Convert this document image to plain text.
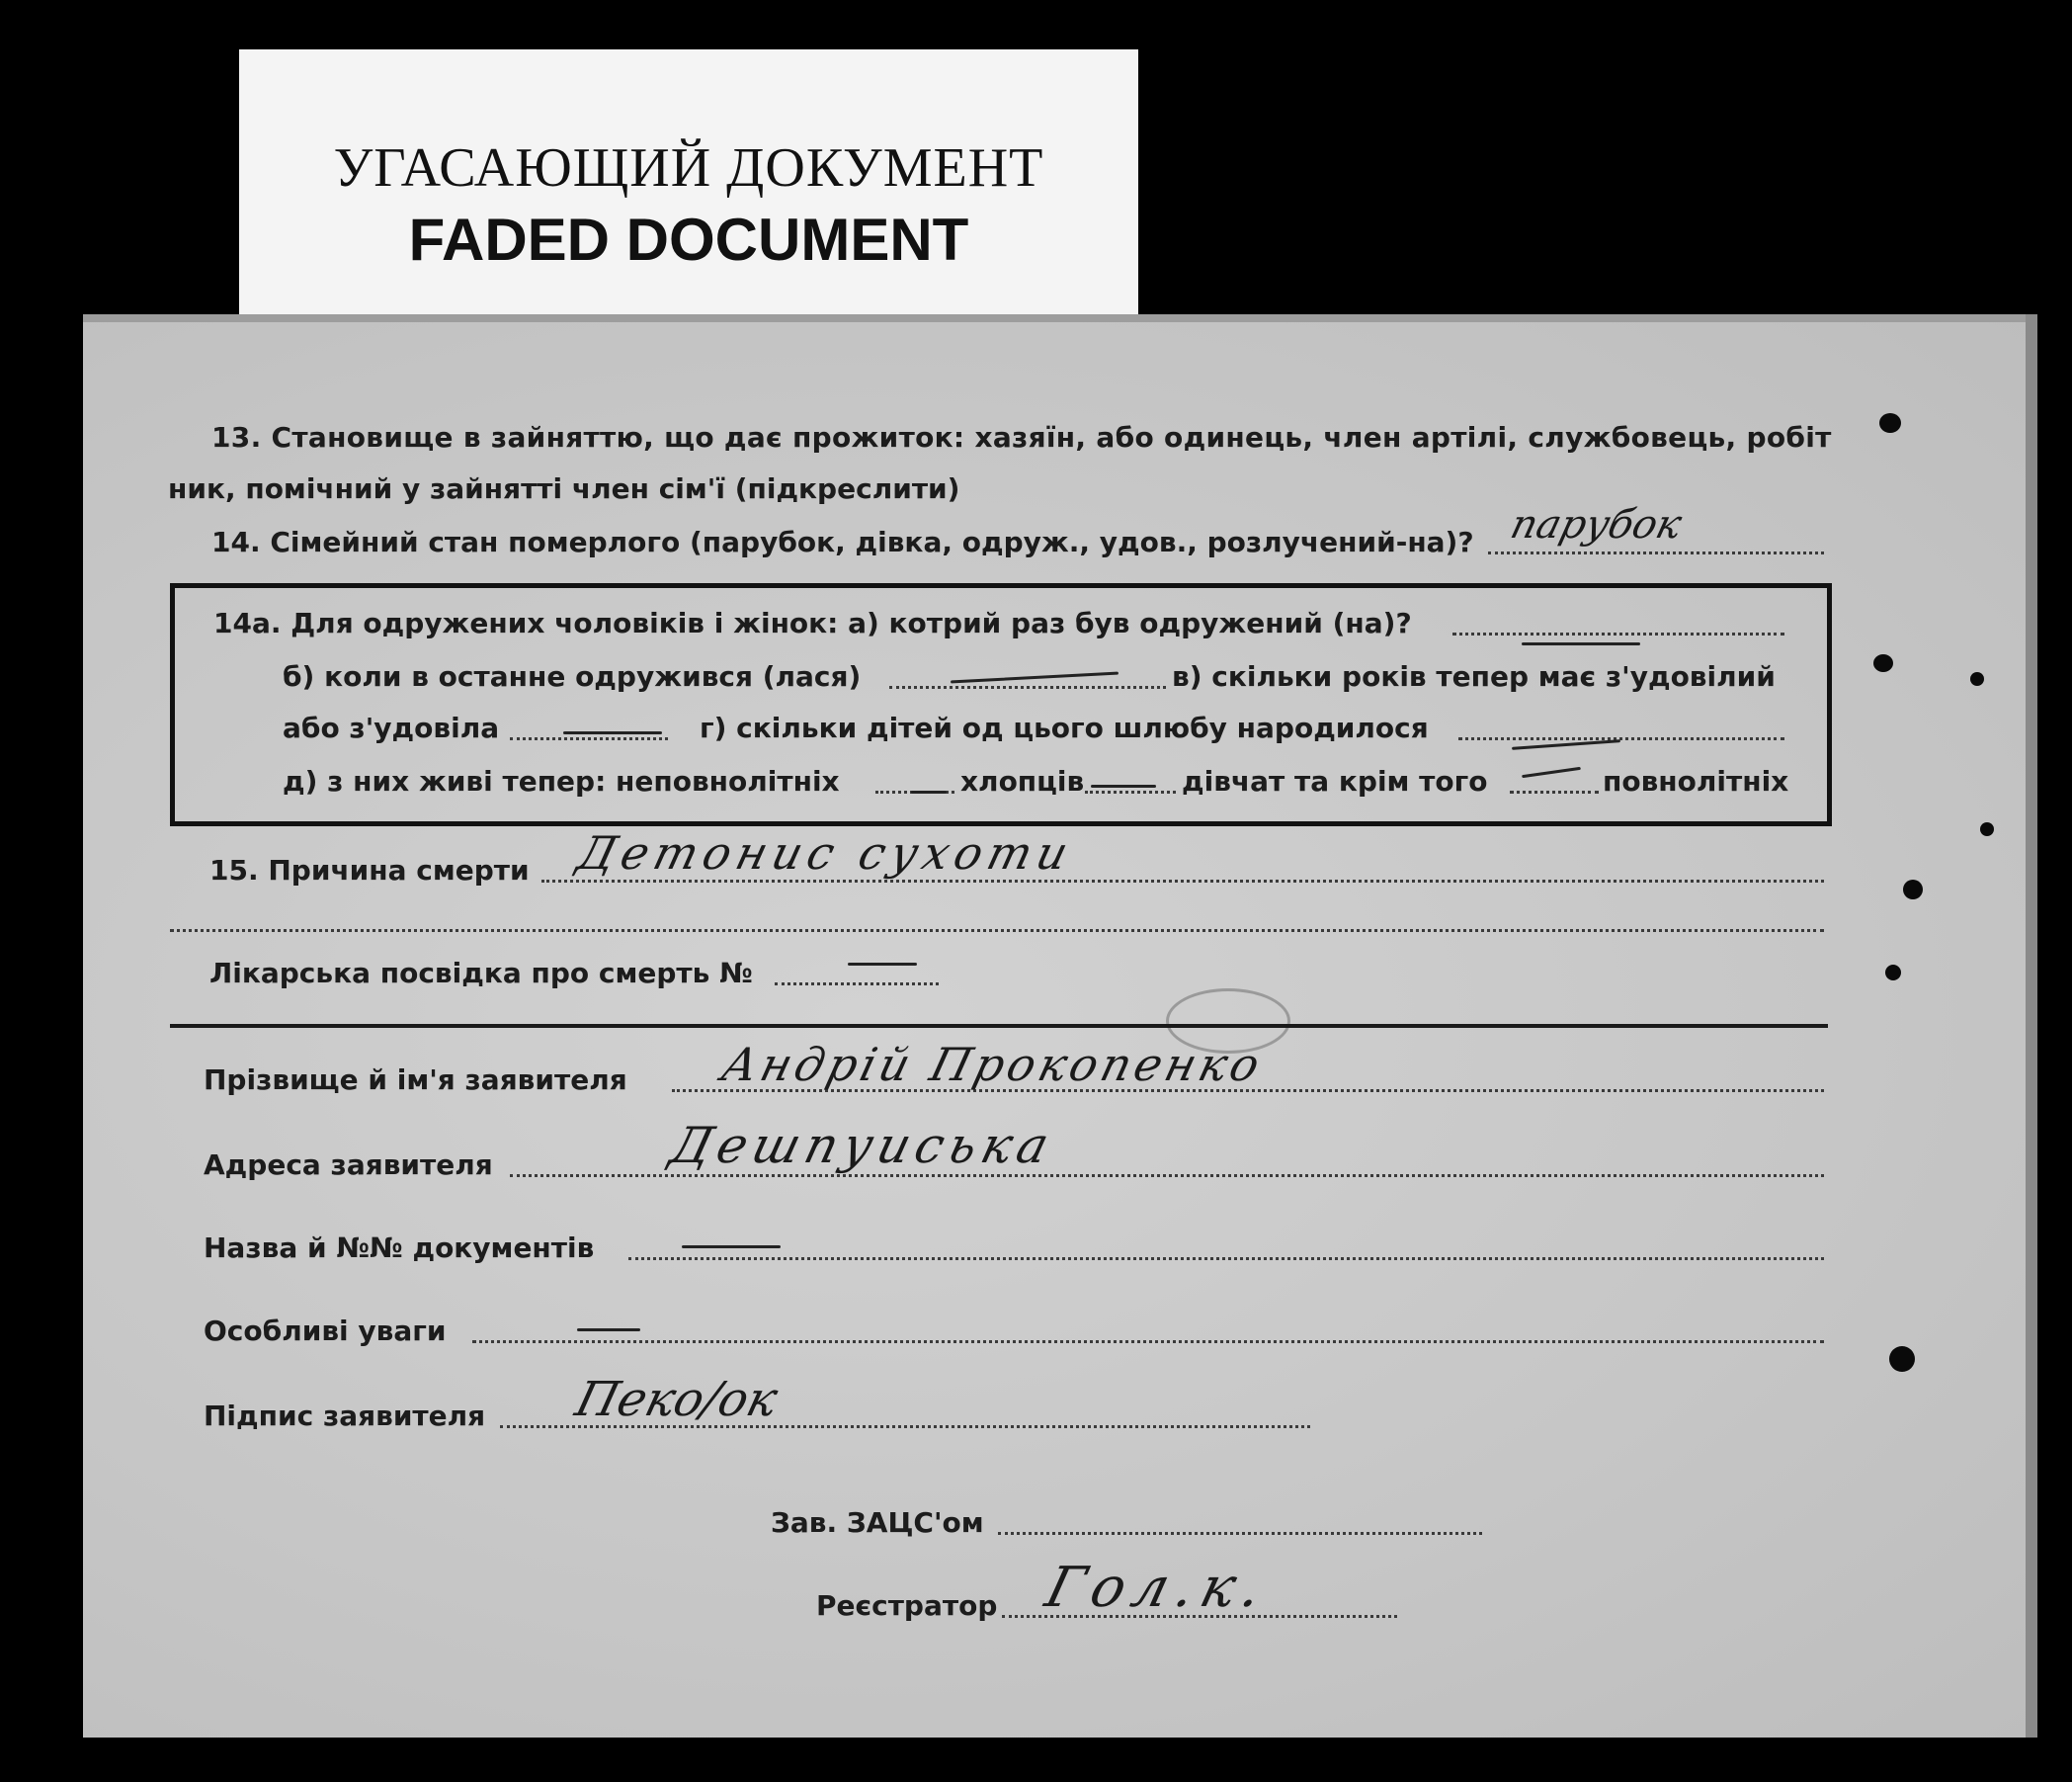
УГАСАЮЩИЙ ДОКУМЕНТ
FADED DOCUMENT
13. Становище в зайняттю, що дає прожиток: хазяїн, або одинець, член артілі, службовець, робіт
ник, помічний у зайнятті член сім'ї (підкреслити)
14. Сімейний стан померлого (парубок, дівка, одруж., удов., розлучений-на)? парубок
14а. Для одружених чоловіків і жінок: а) котрий раз був одружений (на)?
б) коли в останне одружився (лася)	в) скільки років тепер має з'удовілий
або з'удовіла	г) скільки дітей од цього шлюбу народилося
д) з них живі тепер: неповнолітніх	хлопців	дівчат та крім того	повнолітніх
15. Причина смерти Детонис сухоти
Лікарська посвідка про смерть №
Прізвище й ім'я заявителя Андрій Прокопенко
Адреса заявителя	Дешпуиська
Назва й №№ документів
Особливі уваги
Підпис заявителя Пеко/ок
Зав. ЗАЦС'ом
Реєстратор Гол.к.
